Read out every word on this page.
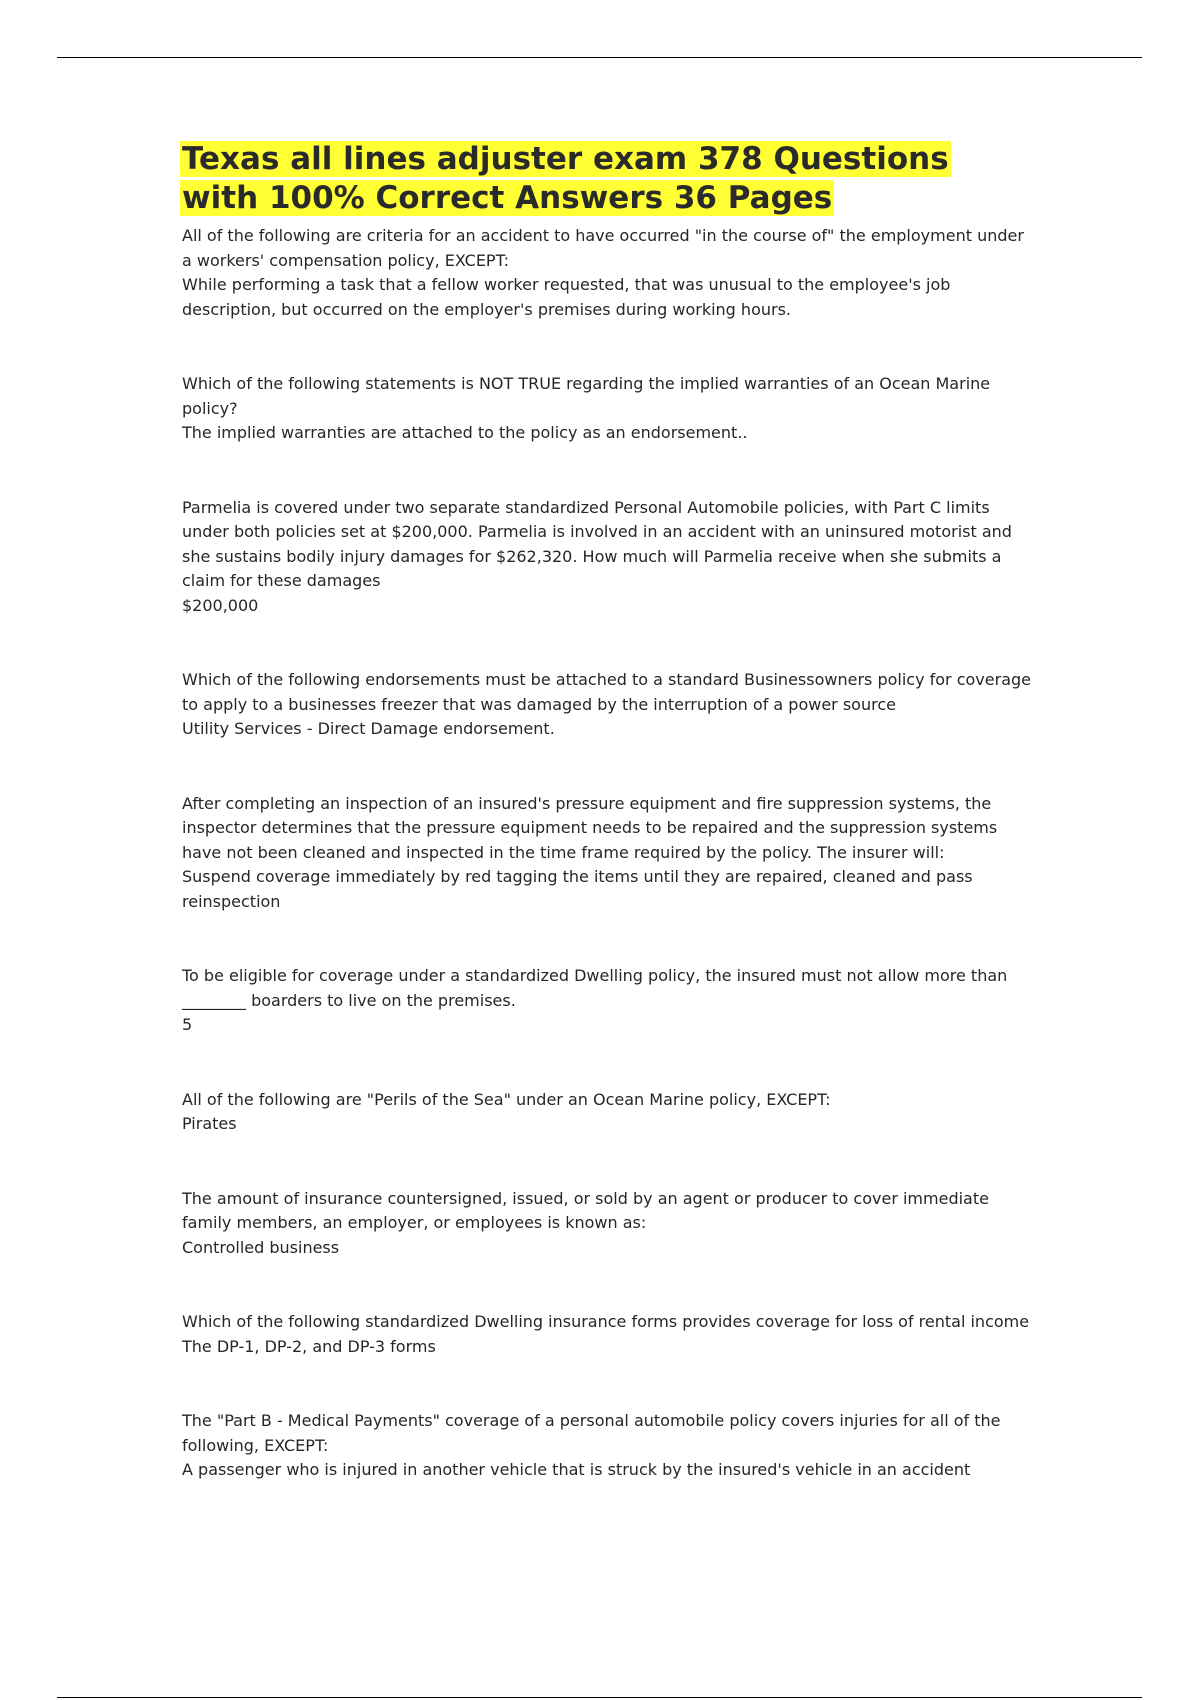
Texas all lines adjuster exam 378 Questions with 100% Correct Answers 36 Pages

All of the following are criteria for an accident to have occurred "in the course of" the employment under a workers' compensation policy, EXCEPT:

While performing a task that a fellow worker requested, that was unusual to the employee's job description, but occurred on the employer's premises during working hours.

Which of the following statements is NOT TRUE regarding the implied warranties of an Ocean Marine policy?

The implied warranties are attached to the policy as an endorsement..

Parmelia is covered under two separate standardized Personal Automobile policies, with Part C limits under both policies set at $200,000. Parmelia is involved in an accident with an uninsured motorist and she sustains bodily injury damages for $262,320. How much will Parmelia receive when she submits a claim for these damages

$200,000

Which of the following endorsements must be attached to a standard Businessowners policy for coverage to apply to a businesses freezer that was damaged by the interruption of a power source

Utility Services - Direct Damage endorsement.

After completing an inspection of an insured's pressure equipment and fire suppression systems, the inspector determines that the pressure equipment needs to be repaired and the suppression systems have not been cleaned and inspected in the time frame required by the policy. The insurer will:

Suspend coverage immediately by red tagging the items until they are repaired, cleaned and pass reinspection

To be eligible for coverage under a standardized Dwelling policy, the insured must not allow more than ________ boarders to live on the premises.

5

All of the following are "Perils of the Sea" under an Ocean Marine policy, EXCEPT:

Pirates

The amount of insurance countersigned, issued, or sold by an agent or producer to cover immediate family members, an employer, or employees is known as:

Controlled business

Which of the following standardized Dwelling insurance forms provides coverage for loss of rental income

The DP-1, DP-2, and DP-3 forms

The "Part B - Medical Payments" coverage of a personal automobile policy covers injuries for all of the following, EXCEPT:

A passenger who is injured in another vehicle that is struck by the insured's vehicle in an accident
